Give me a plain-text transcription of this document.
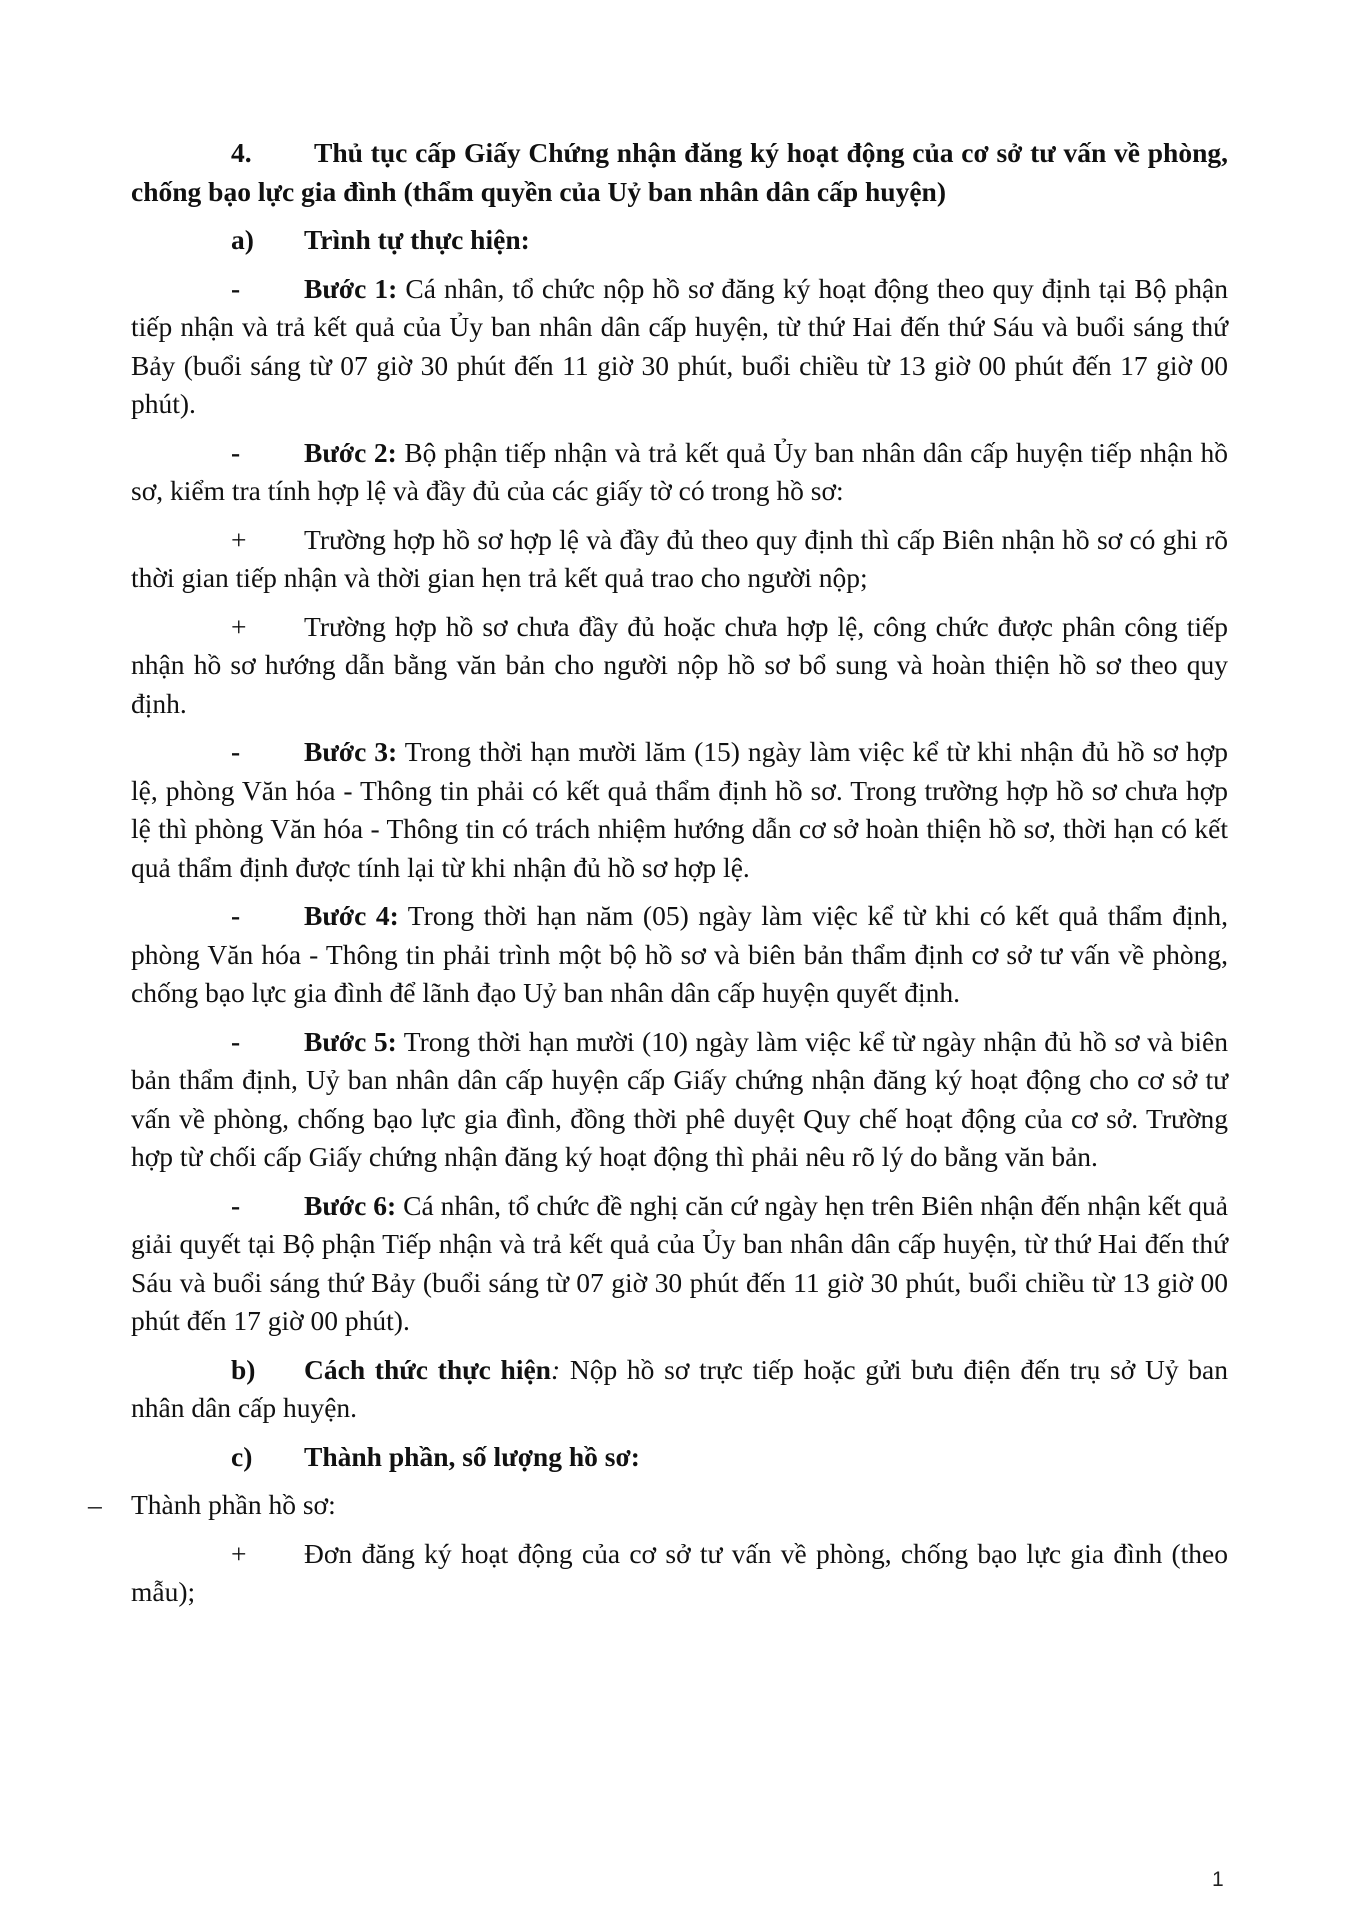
4. Thủ tục cấp Giấy Chứng nhận đăng ký hoạt động của cơ sở tư vấn về phòng, chống bạo lực gia đình (thẩm quyền của Uỷ ban nhân dân cấp huyện)

a) Trình tự thực hiện:

- Bước 1: Cá nhân, tổ chức nộp hồ sơ đăng ký hoạt động theo quy định tại Bộ phận tiếp nhận và trả kết quả của Ủy ban nhân dân cấp huyện, từ thứ Hai đến thứ Sáu và buổi sáng thứ Bảy (buổi sáng từ 07 giờ 30 phút đến 11 giờ 30 phút, buổi chiều từ 13 giờ 00 phút đến 17 giờ 00 phút).

- Bước 2: Bộ phận tiếp nhận và trả kết quả Ủy ban nhân dân cấp huyện tiếp nhận hồ sơ, kiểm tra tính hợp lệ và đầy đủ của các giấy tờ có trong hồ sơ:

+ Trường hợp hồ sơ hợp lệ và đầy đủ theo quy định thì cấp Biên nhận hồ sơ có ghi rõ thời gian tiếp nhận và thời gian hẹn trả kết quả trao cho người nộp;

+ Trường hợp hồ sơ chưa đầy đủ hoặc chưa hợp lệ, công chức được phân công tiếp nhận hồ sơ hướng dẫn bằng văn bản cho người nộp hồ sơ bổ sung và hoàn thiện hồ sơ theo quy định.

- Bước 3: Trong thời hạn mười lăm (15) ngày làm việc kể từ khi nhận đủ hồ sơ hợp lệ, phòng Văn hóa - Thông tin phải có kết quả thẩm định hồ sơ. Trong trường hợp hồ sơ chưa hợp lệ thì phòng Văn hóa - Thông tin có trách nhiệm hướng dẫn cơ sở hoàn thiện hồ sơ, thời hạn có kết quả thẩm định được tính lại từ khi nhận đủ hồ sơ hợp lệ.

- Bước 4: Trong thời hạn năm (05) ngày làm việc kể từ khi có kết quả thẩm định, phòng Văn hóa - Thông tin phải trình một bộ hồ sơ và biên bản thẩm định cơ sở tư vấn về phòng, chống bạo lực gia đình để lãnh đạo Uỷ ban nhân dân cấp huyện quyết định.

- Bước 5: Trong thời hạn mười (10) ngày làm việc kể từ ngày nhận đủ hồ sơ và biên bản thẩm định, Uỷ ban nhân dân cấp huyện cấp Giấy chứng nhận đăng ký hoạt động cho cơ sở tư vấn về phòng, chống bạo lực gia đình, đồng thời phê duyệt Quy chế hoạt động của cơ sở. Trường hợp từ chối cấp Giấy chứng nhận đăng ký hoạt động thì phải nêu rõ lý do bằng văn bản.

- Bước 6: Cá nhân, tổ chức đề nghị căn cứ ngày hẹn trên Biên nhận đến nhận kết quả giải quyết tại Bộ phận Tiếp nhận và trả kết quả của Ủy ban nhân dân cấp huyện, từ thứ Hai đến thứ Sáu và buổi sáng thứ Bảy (buổi sáng từ 07 giờ 30 phút đến 11 giờ 30 phút, buổi chiều từ 13 giờ 00 phút đến 17 giờ 00 phút).

b) Cách thức thực hiện: Nộp hồ sơ trực tiếp hoặc gửi bưu điện đến trụ sở Uỷ ban nhân dân cấp huyện.

c) Thành phần, số lượng hồ sơ:

– Thành phần hồ sơ:

+ Đơn đăng ký hoạt động của cơ sở tư vấn về phòng, chống bạo lực gia đình (theo mẫu);

1
